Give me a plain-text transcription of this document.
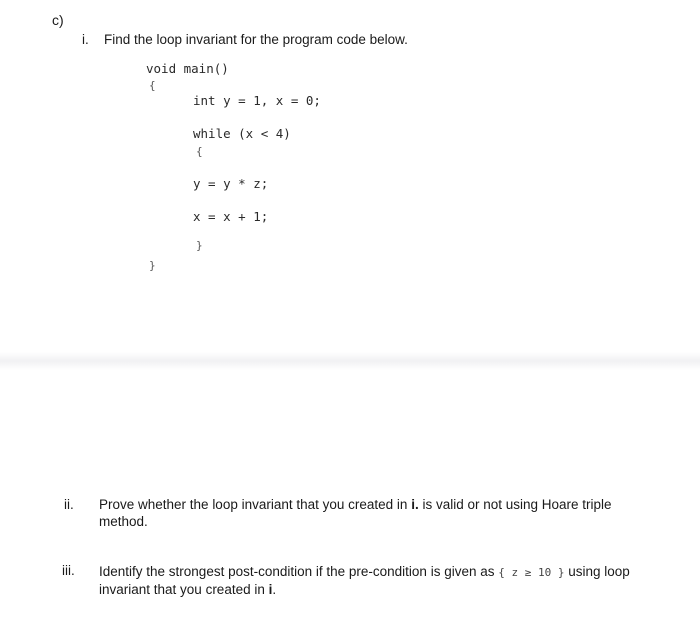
c)
i. Find the loop invariant for the program code below.
void main()
{
int y = 1, x = 0;
while (x < 4)
{
y = y * z;
x = x + 1;
}
}
ii. Prove whether the loop invariant that you created in i. is valid or not using Hoare triple method.
iii. Identify the strongest post-condition if the pre-condition is given as { z ≥ 10 } using loop invariant that you created in i.
